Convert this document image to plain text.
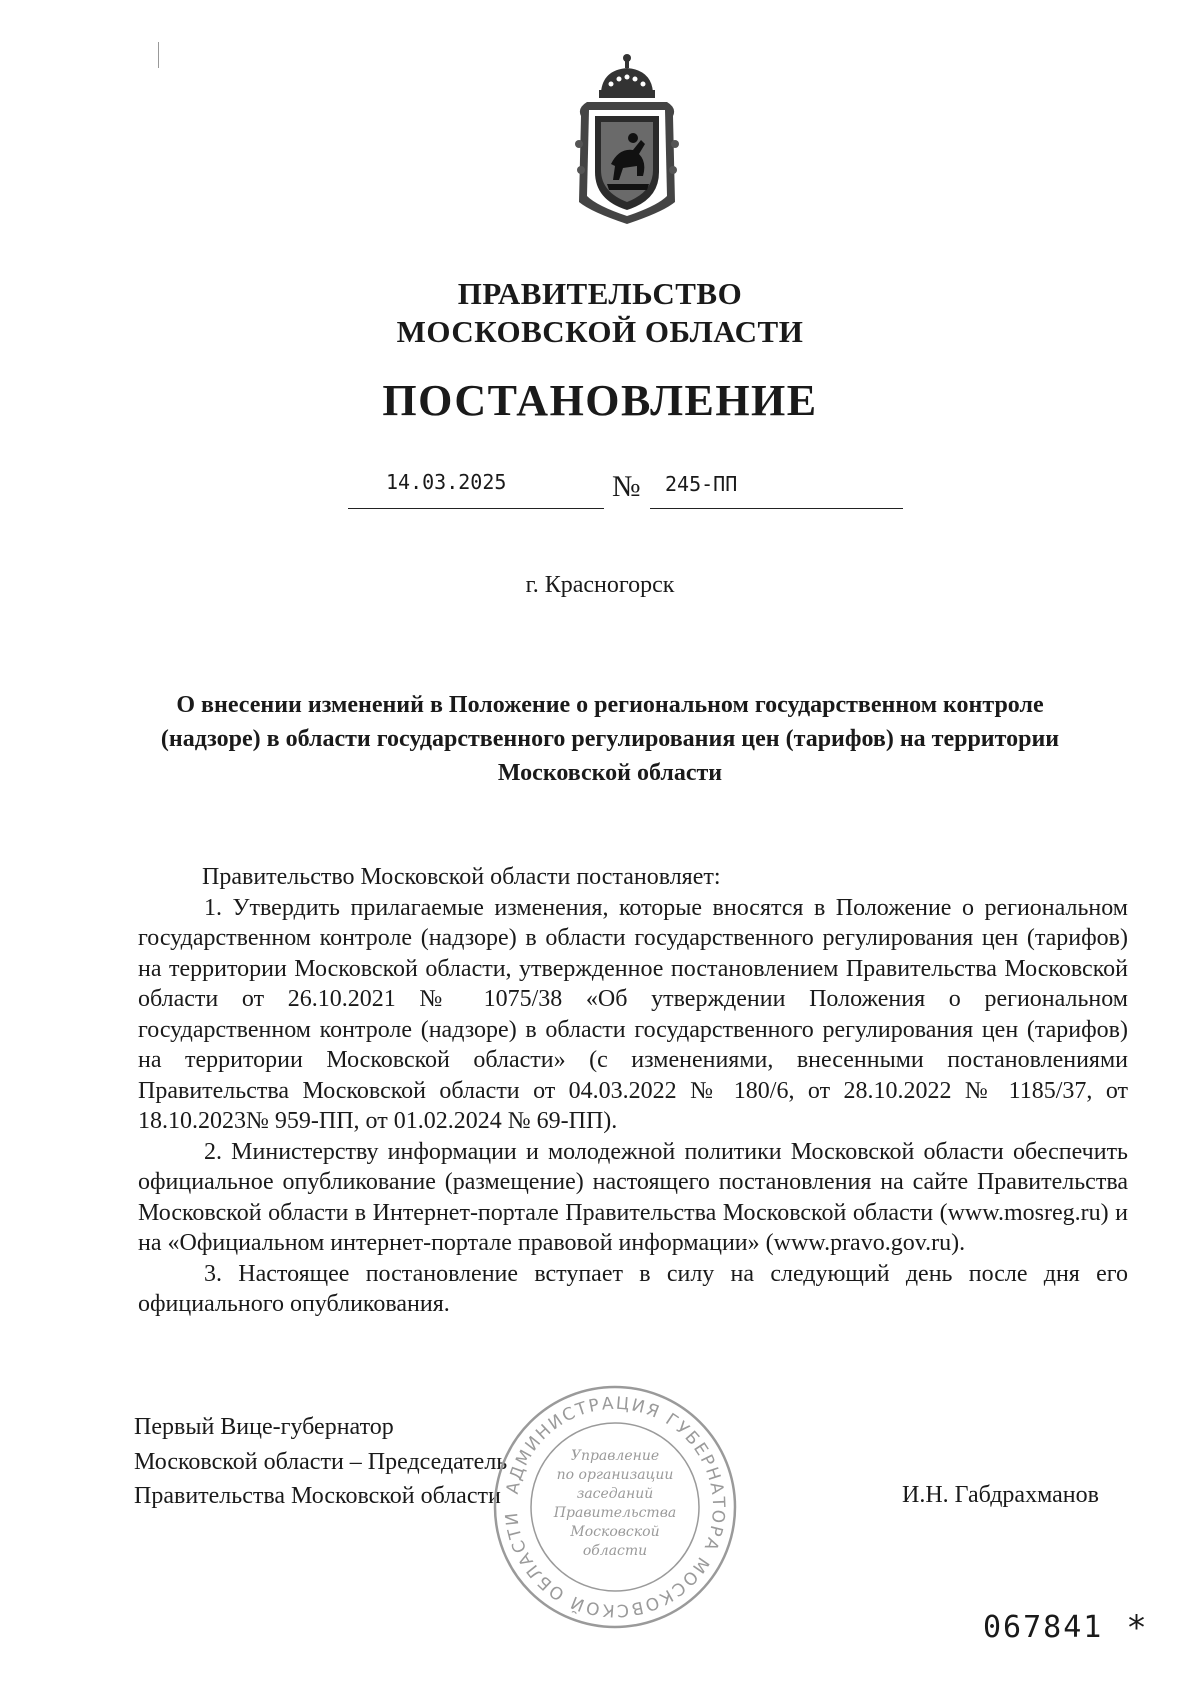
ПРАВИТЕЛЬСТВО
МОСКОВСКОЙ ОБЛАСТИ
ПОСТАНОВЛЕНИЕ
14.03.2025	№ 245-ПП
г. Красногорск
О внесении изменений в Положение о региональном государственном контроле (надзоре) в области государственного регулирования цен (тарифов) на территории Московской области

Правительство Московской области постановляет:

1. Утвердить прилагаемые изменения, которые вносятся в Положение о региональном государственном контроле (надзоре) в области государственного регулирования цен (тарифов) на территории Московской области, утвержденное постановлением Правительства Московской области от 26.10.2021 № 1075/38 «Об утверждении Положения о региональном государственном контроле (надзоре) в области государственного регулирования цен (тарифов) на территории Московской области» (с изменениями, внесенными постановлениями Правительства Московской области от 04.03.2022 № 180/6, от 28.10.2022 № 1185/37, от 18.10.2023№ 959-ПП, от 01.02.2024 № 69-ПП).

2. Министерству информации и молодежной политики Московской области обеспечить официальное опубликование (размещение) настоящего постановления на сайте Правительства Московской области в Интернет-портале Правительства Московской области (www.mosreg.ru) и на «Официальном интернет-портале правовой информации» (www.pravo.gov.ru).

3. Настоящее постановление вступает в силу на следующий день после дня его официального опубликования.

Первый Вице-губернатор
Московской области – Председатель
Правительства Московской области	И.Н. Габдрахманов
АДМИНИСТРАЦИЯ ГУБЕРНАТОРА МОСКОВСКОЙ ОБЛАСТИ
Управление
по организации
заседаний
Правительства
Московской
области
067841 *
